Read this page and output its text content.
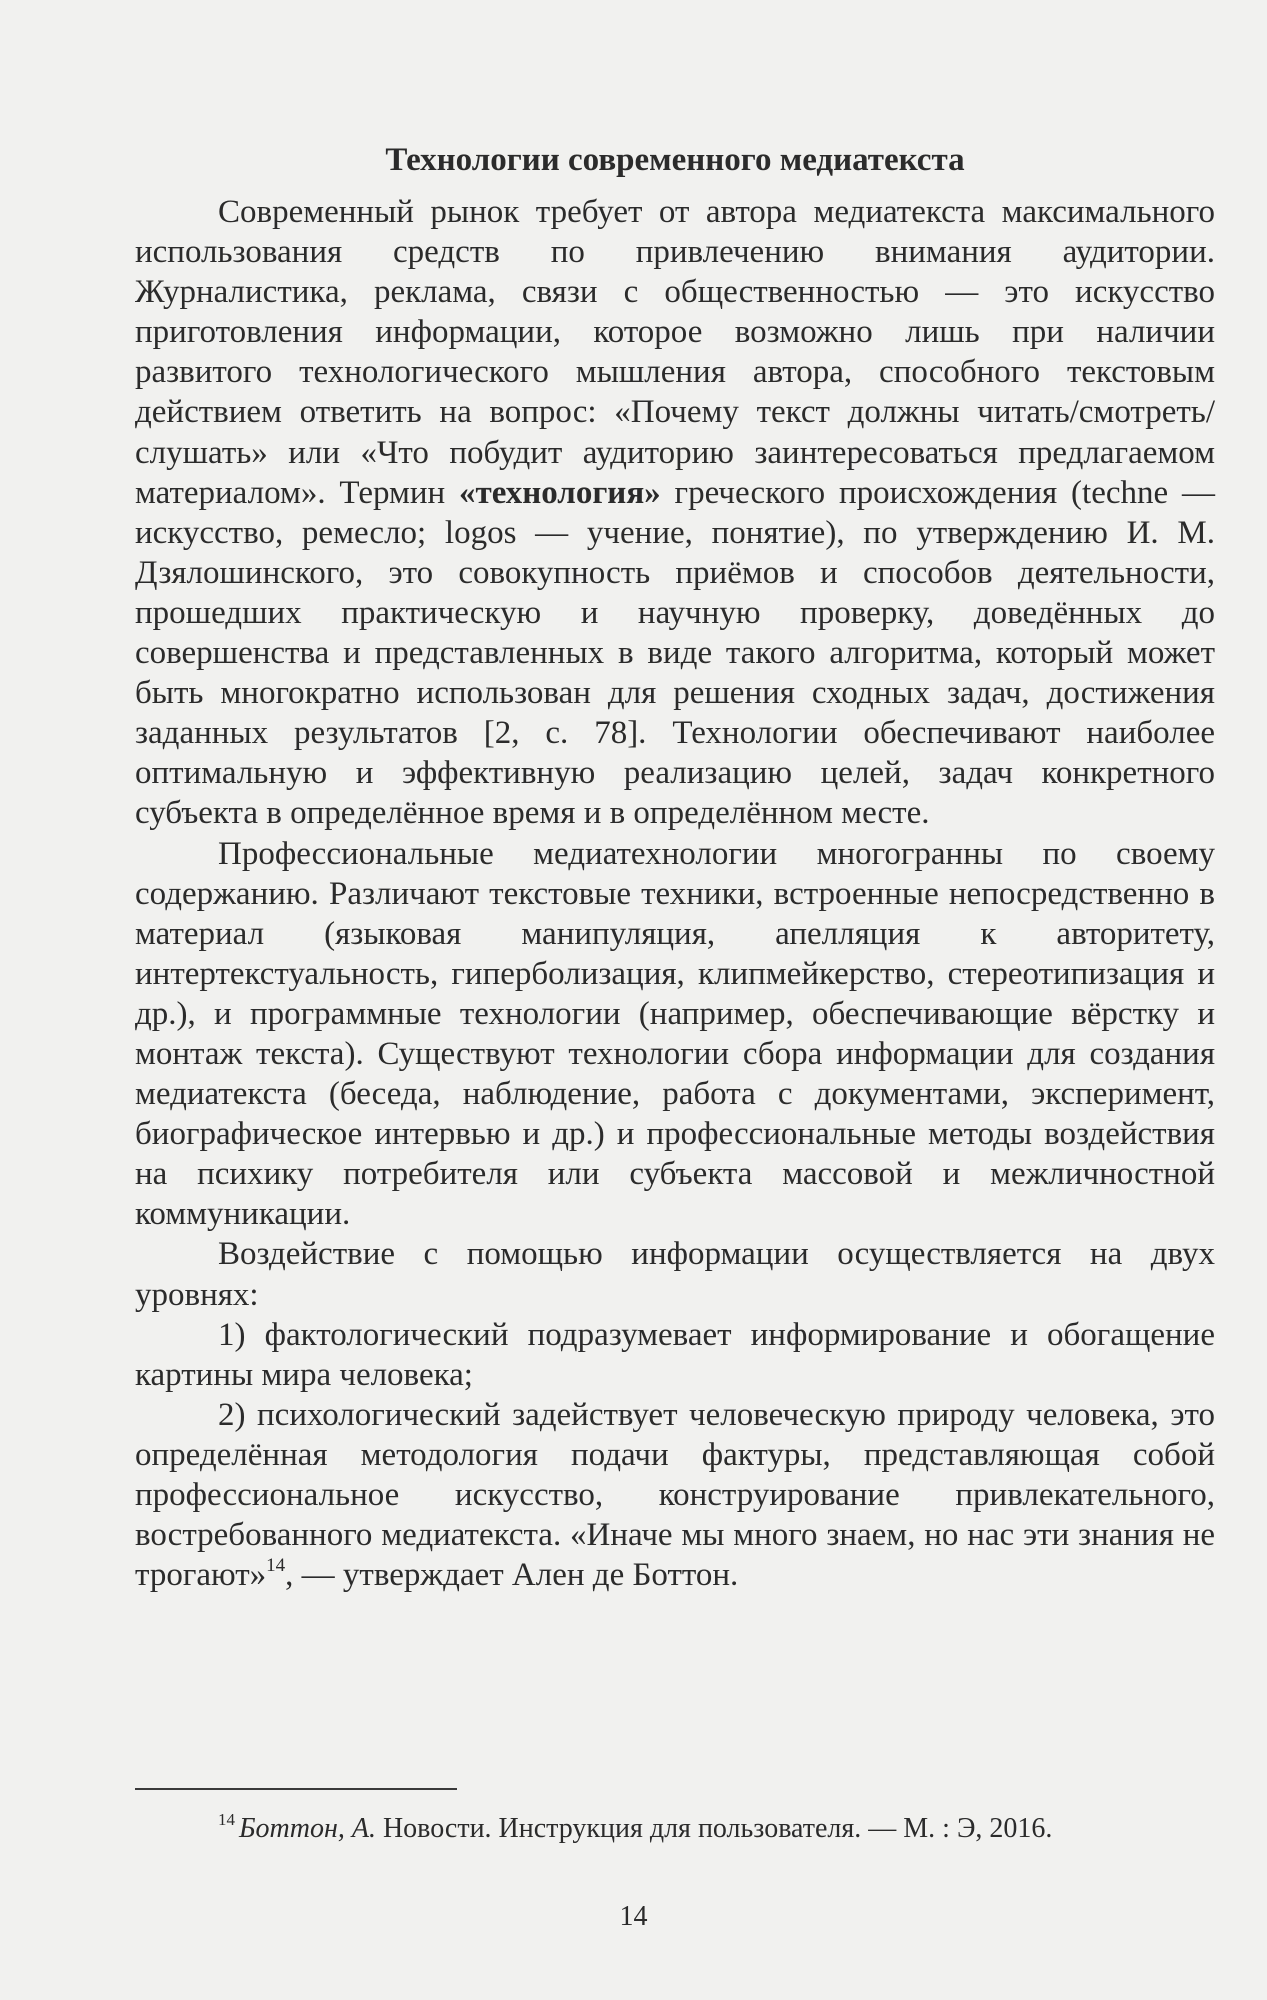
Технологии современного медиатекста

Современный рынок требует от автора медиатекста максимального использования средств по привлечению внимания аудитории. Журналистика, реклама, связи с общественностью — это искусство приготовления информации, которое возможно лишь при наличии развитого технологического мышления автора, способного текстовым действием ответить на вопрос: «Почему текст должны читать/смотреть/слушать» или «Что побудит аудиторию заинтересоваться предлагаемом материалом». Термин «технология» греческого происхождения (techne — искусство, ремесло; logos — учение, понятие), по утверждению И. М. Дзялошинского, это совокупность приёмов и способов деятельности, прошедших практическую и научную проверку, доведённых до совершенства и представленных в виде такого алгоритма, который может быть многократно использован для решения сходных задач, достижения заданных результатов [2, с. 78]. Технологии обеспечивают наиболее оптимальную и эффективную реализацию целей, задач конкретного субъекта в определённое время и в определённом месте.

Профессиональные медиатехнологии многогранны по своему содержанию. Различают текстовые техники, встроенные непосредственно в материал (языковая манипуляция, апелляция к авторитету, интертекстуальность, гиперболизация, клипмейкерство, стереотипизация и др.), и программные технологии (например, обеспечивающие вёрстку и монтаж текста). Существуют технологии сбора информации для создания медиатекста (беседа, наблюдение, работа с документами, эксперимент, биографическое интервью и др.) и профессиональные методы воздействия на психику потребителя или субъекта массовой и межличностной коммуникации.

Воздействие с помощью информации осуществляется на двух уровнях:

1) фактологический подразумевает информирование и обогащение картины мира человека;

2) психологический задействует человеческую природу человека, это определённая методология подачи фактуры, представляющая собой профессиональное искусство, конструирование привлекательного, востребованного медиатекста. «Иначе мы много знаем, но нас эти знания не трогают»$^{14}$, — утверждает Ален де Боттон.

$^{14}$ Боттон, А. Новости. Инструкция для пользователя. — М. : Э, 2016.

14
